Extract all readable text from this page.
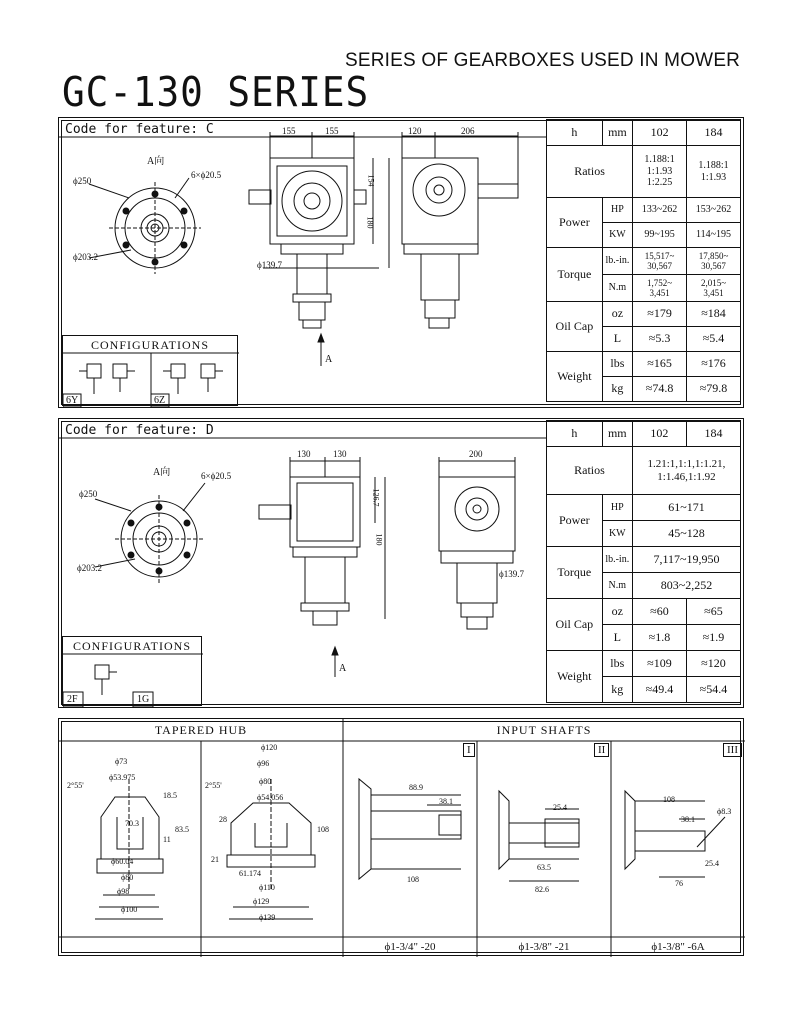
SERIES OF GEARBOXES USED IN MOWER
GC-130 SERIES
Code for feature: C
A向
ϕ250
6×ϕ20.5
ϕ203.2
ϕ139.7
155	155	120	206
154
180
A
CONFIGURATIONS
6Y	6Z
h	mm	102	184
Ratios		1.188:1
1:1.93
1:2.25	1.188:1
1:1.93
Power	HP	133~262	153~262
	KW	99~195	114~195
Torque	lb.-in.	15,517~
30,567	17,850~
30,567
	N.m	1,752~
3,451	2,015~
3,451
Oil Cap	oz	≈179	≈184
	L	≈5.3	≈5.4
Weight	lbs	≈165	≈176
	kg	≈74.8	≈79.8
Code for feature: D
A向
ϕ250
6×ϕ20.5
ϕ203.2
ϕ139.7
130	130	200
126.7
180
A
CONFIGURATIONS
2F	1G
h	mm	102	184
Ratios		1.21:1,1:1,1:1.21,
1:1.46,1:1.92	
Power	HP	61~171	
	KW	45~128	
Torque	lb.-in.	7,117~19,950	
	N.m	803~2,252	
Oil Cap	oz	≈60	≈65
	L	≈1.8	≈1.9
Weight	lbs	≈109	≈120
	kg	≈49.4	≈54.4
TAPERED HUB	INPUT SHAFTS
ϕ73
ϕ53.975
2°55'
70.3
18.5
83.5
11
ϕ60.04
ϕ80
ϕ98
ϕ100
ϕ120
ϕ96
2°55'	ϕ80
ϕ54.056
28
21
108
61.174
ϕ110
ϕ129
ϕ139
I	II	III
88.9
38.1
108
25.4
63.5
82.6
108
38.1
ϕ8.3
25.4
76
ϕ1-3/4" -20	ϕ1-3/8" -21	ϕ1-3/8" -6A
